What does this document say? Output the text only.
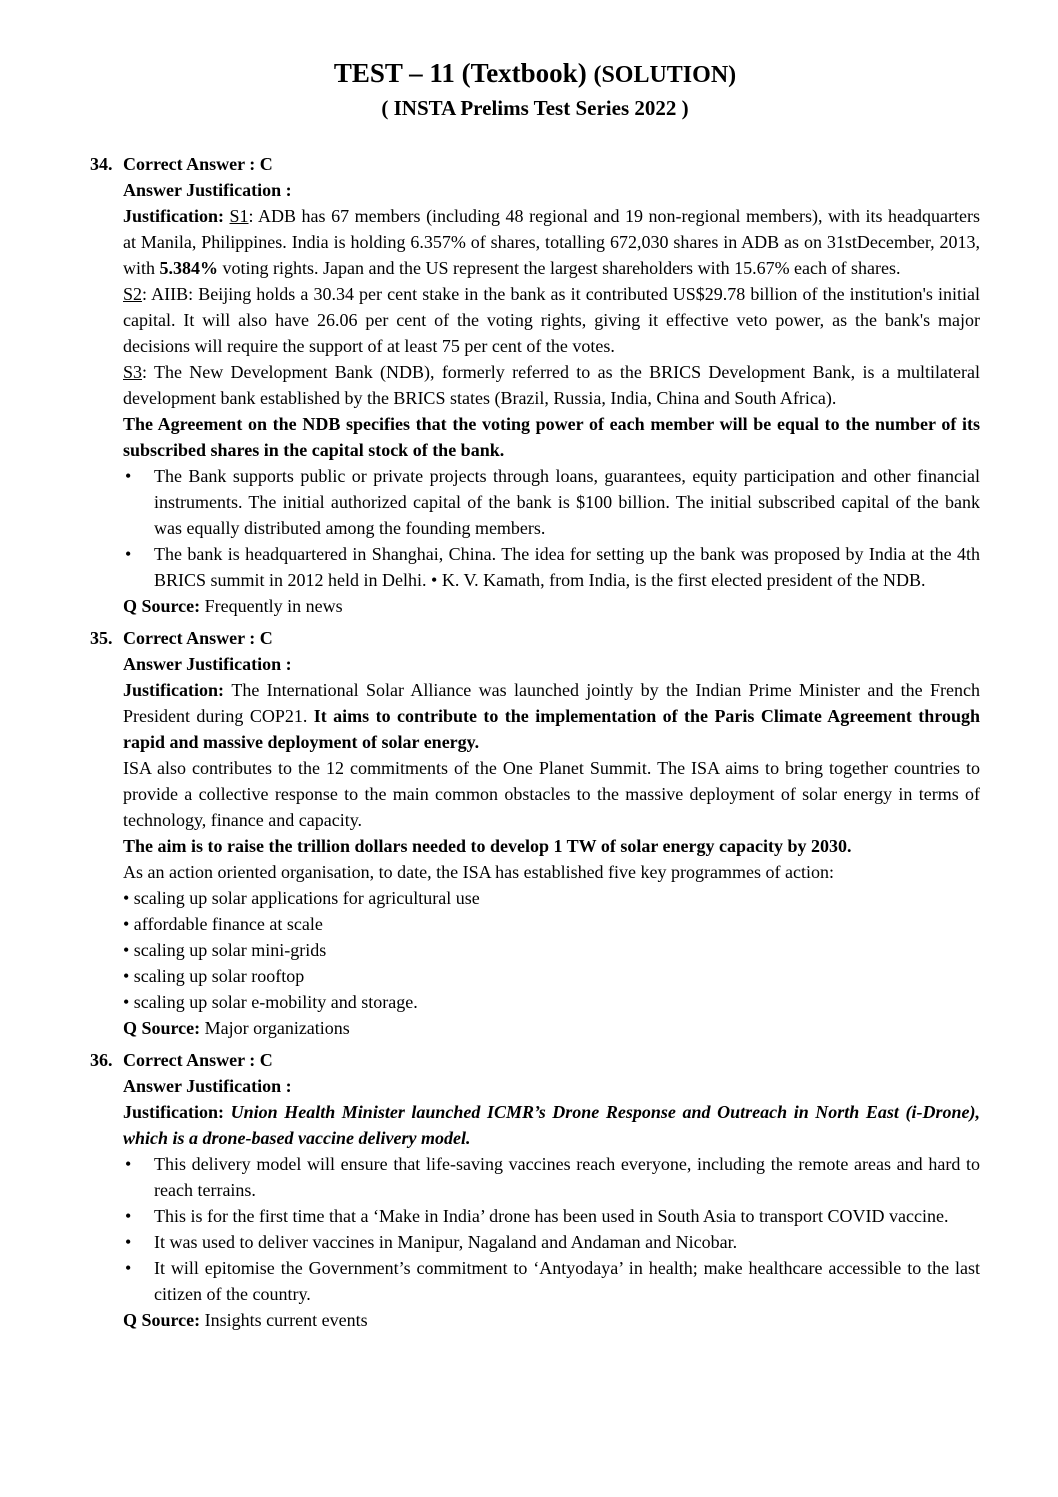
TEST – 11 (Textbook) (SOLUTION)
( INSTA Prelims Test Series 2022 )
34. Correct Answer : C

Answer Justification :

Justification: S1: ADB has 67 members (including 48 regional and 19 non-regional members), with its headquarters at Manila, Philippines. India is holding 6.357% of shares, totalling 672,030 shares in ADB as on 31stDecember, 2013, with 5.384% voting rights. Japan and the US represent the largest shareholders with 15.67% each of shares.

S2: AIIB: Beijing holds a 30.34 per cent stake in the bank as it contributed US$29.78 billion of the institution's initial capital. It will also have 26.06 per cent of the voting rights, giving it effective veto power, as the bank's major decisions will require the support of at least 75 per cent of the votes.

S3: The New Development Bank (NDB), formerly referred to as the BRICS Development Bank, is a multilateral development bank established by the BRICS states (Brazil, Russia, India, China and South Africa).

The Agreement on the NDB specifies that the voting power of each member will be equal to the number of its subscribed shares in the capital stock of the bank.

• The Bank supports public or private projects through loans, guarantees, equity participation and other financial instruments. The initial authorized capital of the bank is $100 billion. The initial subscribed capital of the bank was equally distributed among the founding members.
• The bank is headquartered in Shanghai, China. The idea for setting up the bank was proposed by India at the 4th BRICS summit in 2012 held in Delhi. • K. V. Kamath, from India, is the first elected president of the NDB.

Q Source: Frequently in news

35. Correct Answer : C

Answer Justification :

Justification: The International Solar Alliance was launched jointly by the Indian Prime Minister and the French President during COP21. It aims to contribute to the implementation of the Paris Climate Agreement through rapid and massive deployment of solar energy.

ISA also contributes to the 12 commitments of the One Planet Summit. The ISA aims to bring together countries to provide a collective response to the main common obstacles to the massive deployment of solar energy in terms of technology, finance and capacity.

The aim is to raise the trillion dollars needed to develop 1 TW of solar energy capacity by 2030.

As an action oriented organisation, to date, the ISA has established five key programmes of action:

• scaling up solar applications for agricultural use

• affordable finance at scale

• scaling up solar mini-grids

• scaling up solar rooftop

• scaling up solar e-mobility and storage.

Q Source: Major organizations

36. Correct Answer : C

Answer Justification :

Justification: Union Health Minister launched ICMR’s Drone Response and Outreach in North East (i-Drone), which is a drone-based vaccine delivery model.

• This delivery model will ensure that life-saving vaccines reach everyone, including the remote areas and hard to reach terrains.
• This is for the first time that a ‘Make in India’ drone has been used in South Asia to transport COVID vaccine.
• It was used to deliver vaccines in Manipur, Nagaland and Andaman and Nicobar.
• It will epitomise the Government’s commitment to ‘Antyodaya’ in health; make healthcare accessible to the last citizen of the country.

Q Source: Insights current events
